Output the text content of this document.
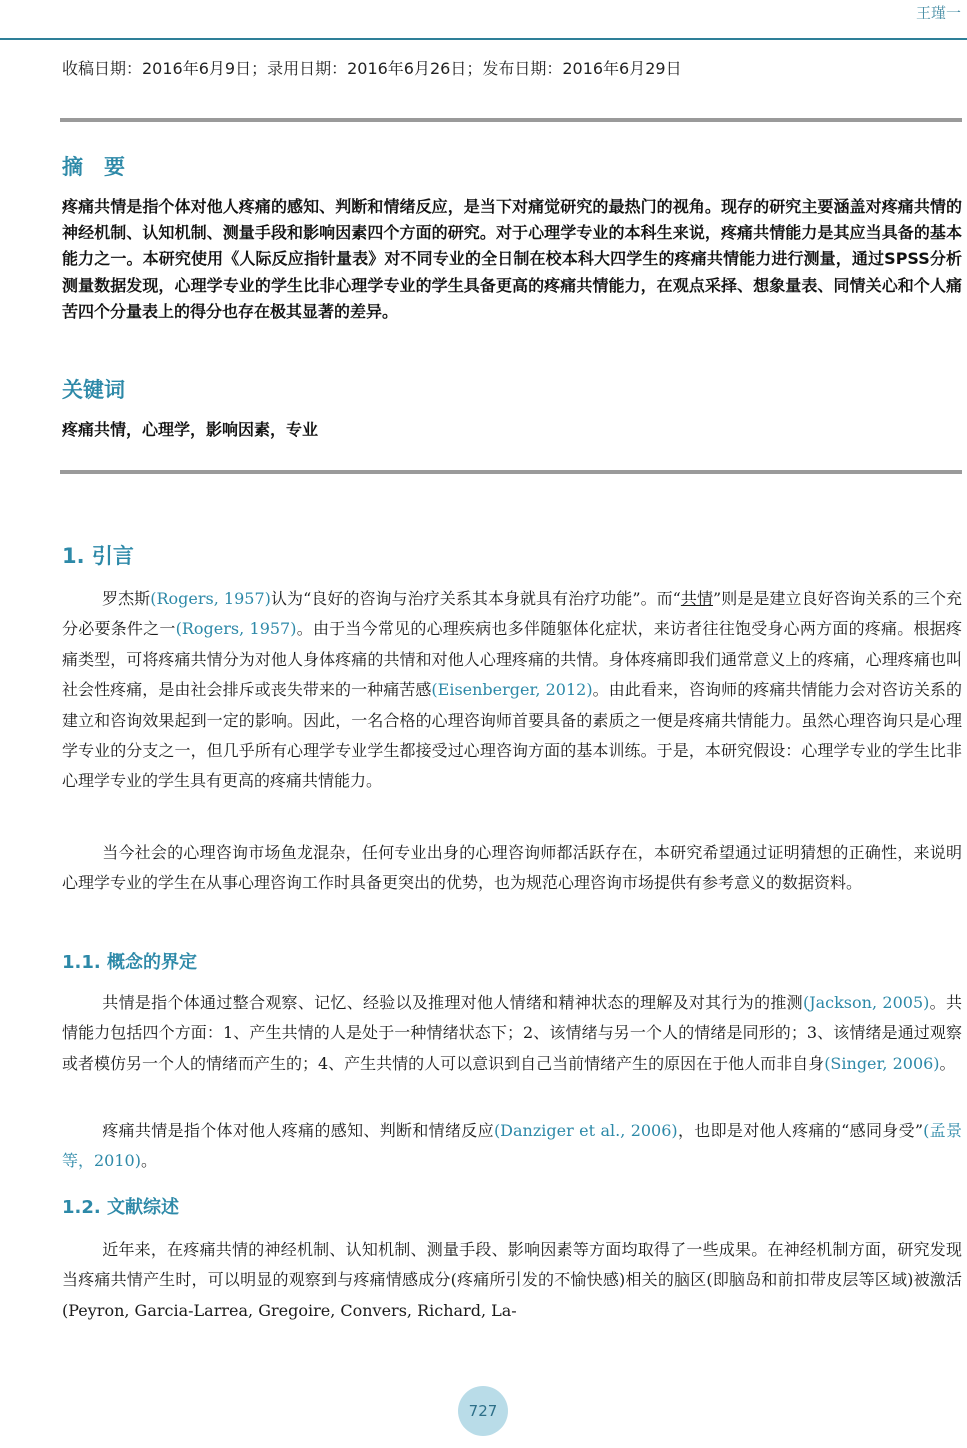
王瑾一
收稿日期：2016年6月9日；录用日期：2016年6月26日；发布日期：2016年6月29日
摘　要
疼痛共情是指个体对他人疼痛的感知、判断和情绪反应，是当下对痛觉研究的最热门的视角。现存的研究主要涵盖对疼痛共情的神经机制、认知机制、测量手段和影响因素四个方面的研究。对于心理学专业的本科生来说，疼痛共情能力是其应当具备的基本能力之一。本研究使用《人际反应指针量表》对不同专业的全日制在校本科大四学生的疼痛共情能力进行测量，通过SPSS分析测量数据发现，心理学专业的学生比非心理学专业的学生具备更高的疼痛共情能力，在观点采择、想象量表、同情关心和个人痛苦四个分量表上的得分也存在极其显著的差异。
关键词
疼痛共情，心理学，影响因素，专业
1. 引言
罗杰斯(Rogers, 1957)认为“良好的咨询与治疗关系其本身就具有治疗功能”。而“共情”则是是建立良好咨询关系的三个充分必要条件之一(Rogers, 1957)。由于当今常见的心理疾病也多伴随躯体化症状，来访者往往饱受身心两方面的疼痛。根据疼痛类型，可将疼痛共情分为对他人身体疼痛的共情和对他人心理疼痛的共情。身体疼痛即我们通常意义上的疼痛，心理疼痛也叫社会性疼痛，是由社会排斥或丧失带来的一种痛苦感(Eisenberger, 2012)。由此看来，咨询师的疼痛共情能力会对咨访关系的建立和咨询效果起到一定的影响。因此，一名合格的心理咨询师首要具备的素质之一便是疼痛共情能力。虽然心理咨询只是心理学专业的分支之一，但几乎所有心理学专业学生都接受过心理咨询方面的基本训练。于是，本研究假设：心理学专业的学生比非心理学专业的学生具有更高的疼痛共情能力。
当今社会的心理咨询市场鱼龙混杂，任何专业出身的心理咨询师都活跃存在，本研究希望通过证明猜想的正确性，来说明心理学专业的学生在从事心理咨询工作时具备更突出的优势，也为规范心理咨询市场提供有参考意义的数据资料。
1.1. 概念的界定
共情是指个体通过整合观察、记忆、经验以及推理对他人情绪和精神状态的理解及对其行为的推测(Jackson, 2005)。共情能力包括四个方面：1、产生共情的人是处于一种情绪状态下；2、该情绪与另一个人的情绪是同形的；3、该情绪是通过观察或者模仿另一个人的情绪而产生的；4、产生共情的人可以意识到自己当前情绪产生的原因在于他人而非自身(Singer, 2006)。
疼痛共情是指个体对他人疼痛的感知、判断和情绪反应(Danziger et al., 2006)，也即是对他人疼痛的“感同身受”(孟景等，2010)。
1.2. 文献综述
近年来，在疼痛共情的神经机制、认知机制、测量手段、影响因素等方面均取得了一些成果。在神经机制方面，研究发现当疼痛共情产生时，可以明显的观察到与疼痛情感成分(疼痛所引发的不愉快感)相关的脑区(即脑岛和前扣带皮层等区域)被激活(Peyron, Garcia-Larrea, Gregoire, Convers, Richard, La-
727
